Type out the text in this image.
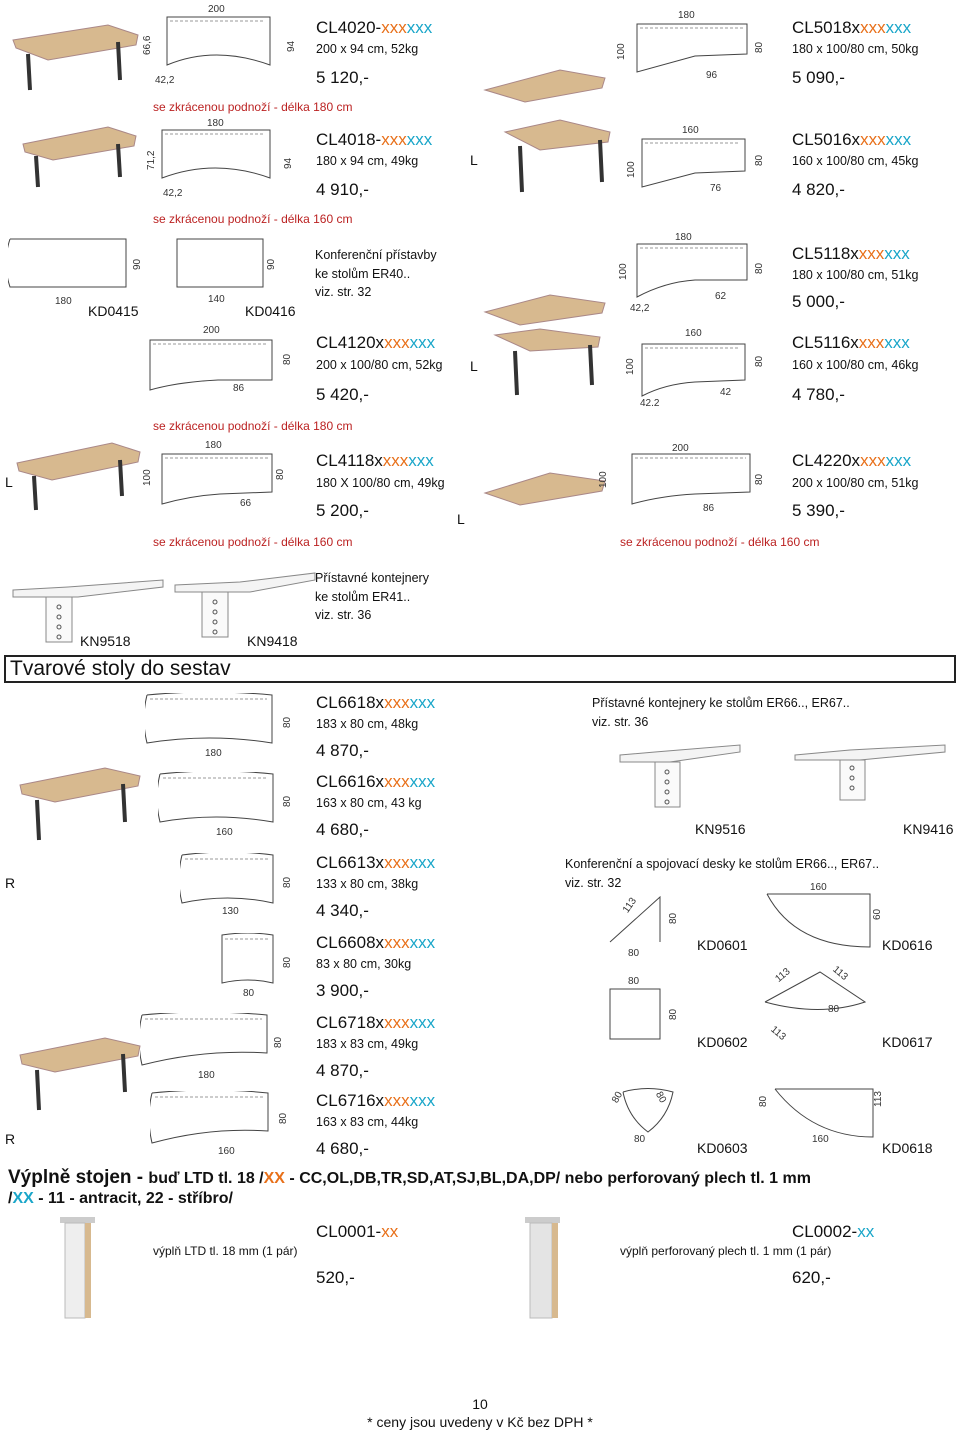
200
66,6	94
42,2
CL4020-xxxxxx
200 x 94 cm, 52kg
5 120,-
se zkrácenou podnoží - délka 180 cm
180
71,2	94
42,2
CL4018-xxxxxx
180 x 94 cm, 49kg
4 910,-
se zkrácenou podnoží - délka 160 cm
90	90
180	140
KD0415	KD0416
Konferenční přístavby
ke stolům ER40..
viz. str. 32
200
80
86
CL4120xxxxxxx
200 x 100/80 cm, 52kg
5 420,-
se zkrácenou podnoží - délka 180 cm
L
180
100	80
66
CL4118xxxxxxx
180 X 100/80 cm, 49kg
5 200,-
se zkrácenou podnoží - délka 160 cm
180
100	80
96
CL5018xxxxxxx
180 x 100/80 cm, 50kg
5 090,-
L
160
100
80
76
CL5016xxxxxxx
160 x 100/80 cm, 45kg
4 820,-
180
100	80
62
42,2
CL5118xxxxxxx
180 x 100/80 cm, 51kg
5 000,-
L
160
100	80
42
42.2
CL5116xxxxxxx
160 x 100/80 cm, 46kg
4 780,-
L
200
100	80
86
CL4220xxxxxxx
200 x 100/80 cm, 51kg
5 390,-
se zkrácenou podnoží - délka 160 cm
KN9518	KN9418
Přístavné kontejnery
ke stolům ER41..
viz. str. 36
Tvarové stoly do sestav
R
R
80
180
CL6618xxxxxxx
183 x 80 cm, 48kg
4 870,-
80
160
CL6616xxxxxxx
163 x 80 cm, 43 kg
4 680,-
80
130
CL6613xxxxxxx
133 x 80 cm, 38kg
4 340,-
80
80
CL6608xxxxxxx
83 x 80 cm, 30kg
3 900,-
80
180
CL6718xxxxxxx
183 x 83 cm, 49kg
4 870,-
80
160
CL6716xxxxxxx
163 x 83 cm, 44kg
4 680,-
Přístavné kontejnery ke stolům ER66.., ER67..
viz. str. 36
KN9516	KN9416
Konferenční a spojovací desky ke stolům ER66.., ER67..
viz. str. 32
113
80
80
160
60
KD0601	KD0616
80
80
113	113
80
113
KD0602	KD0617
80	80
80
80	113
160
KD0603	KD0618
Výplně stojen - buď LTD tl. 18 /XX - CC,OL,DB,TR,SD,AT,SJ,BL,DA,DP/ nebo perforovaný plech tl. 1 mm
/XX - 11 - antracit, 22 - stříbro/
výplň LTD tl. 18 mm (1 pár)
CL0001-xx
520,-
výplň perforovaný plech tl. 1 mm (1 pár)
CL0002-xx
620,-
10
* ceny jsou uvedeny v Kč bez DPH *
